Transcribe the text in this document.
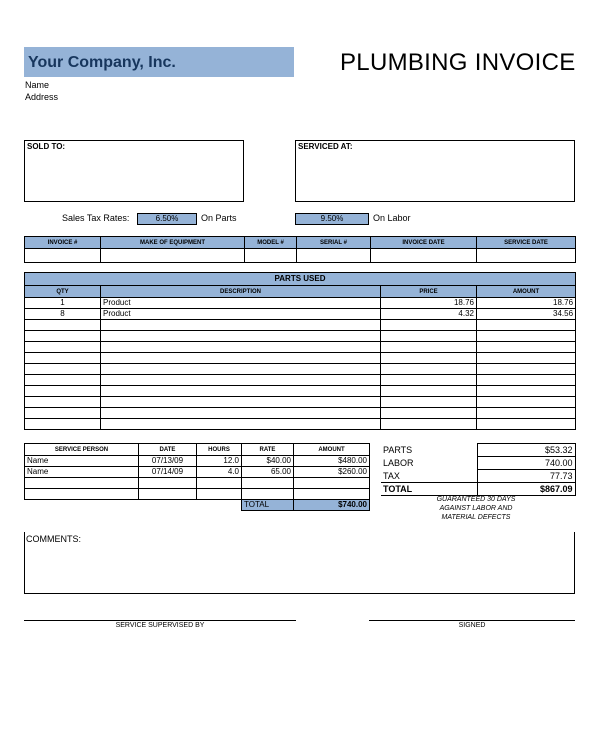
Your Company, Inc.
Name
Address
PLUMBING INVOICE
SOLD TO:	SERVICED AT:
Sales Tax Rates:	6.50%	On Parts	9.50%	On Labor
INVOICE #	MAKE OF EQUIPMENT	MODEL #	SERIAL #	INVOICE DATE	SERVICE DATE

PARTS USED			
QTY	DESCRIPTION	PRICE	AMOUNT
1	Product	18.76	18.76
8	Product	4.32	34.56

SERVICE PERSON	DATE	HOURS	RATE	AMOUNT
Name	07/13/09	12.0	$40.00	$480.00
Name	07/14/09	4.0	65.00	$260.00

			TOTAL	$740.00
PARTS	$53.32
LABOR	740.00
TAX	77.73
TOTAL	$867.09
GUARANTEED 30 DAYS
AGAINST LABOR AND
MATERIAL DEFECTS
COMMENTS:
SERVICE SUPERVISED BY	SIGNED
